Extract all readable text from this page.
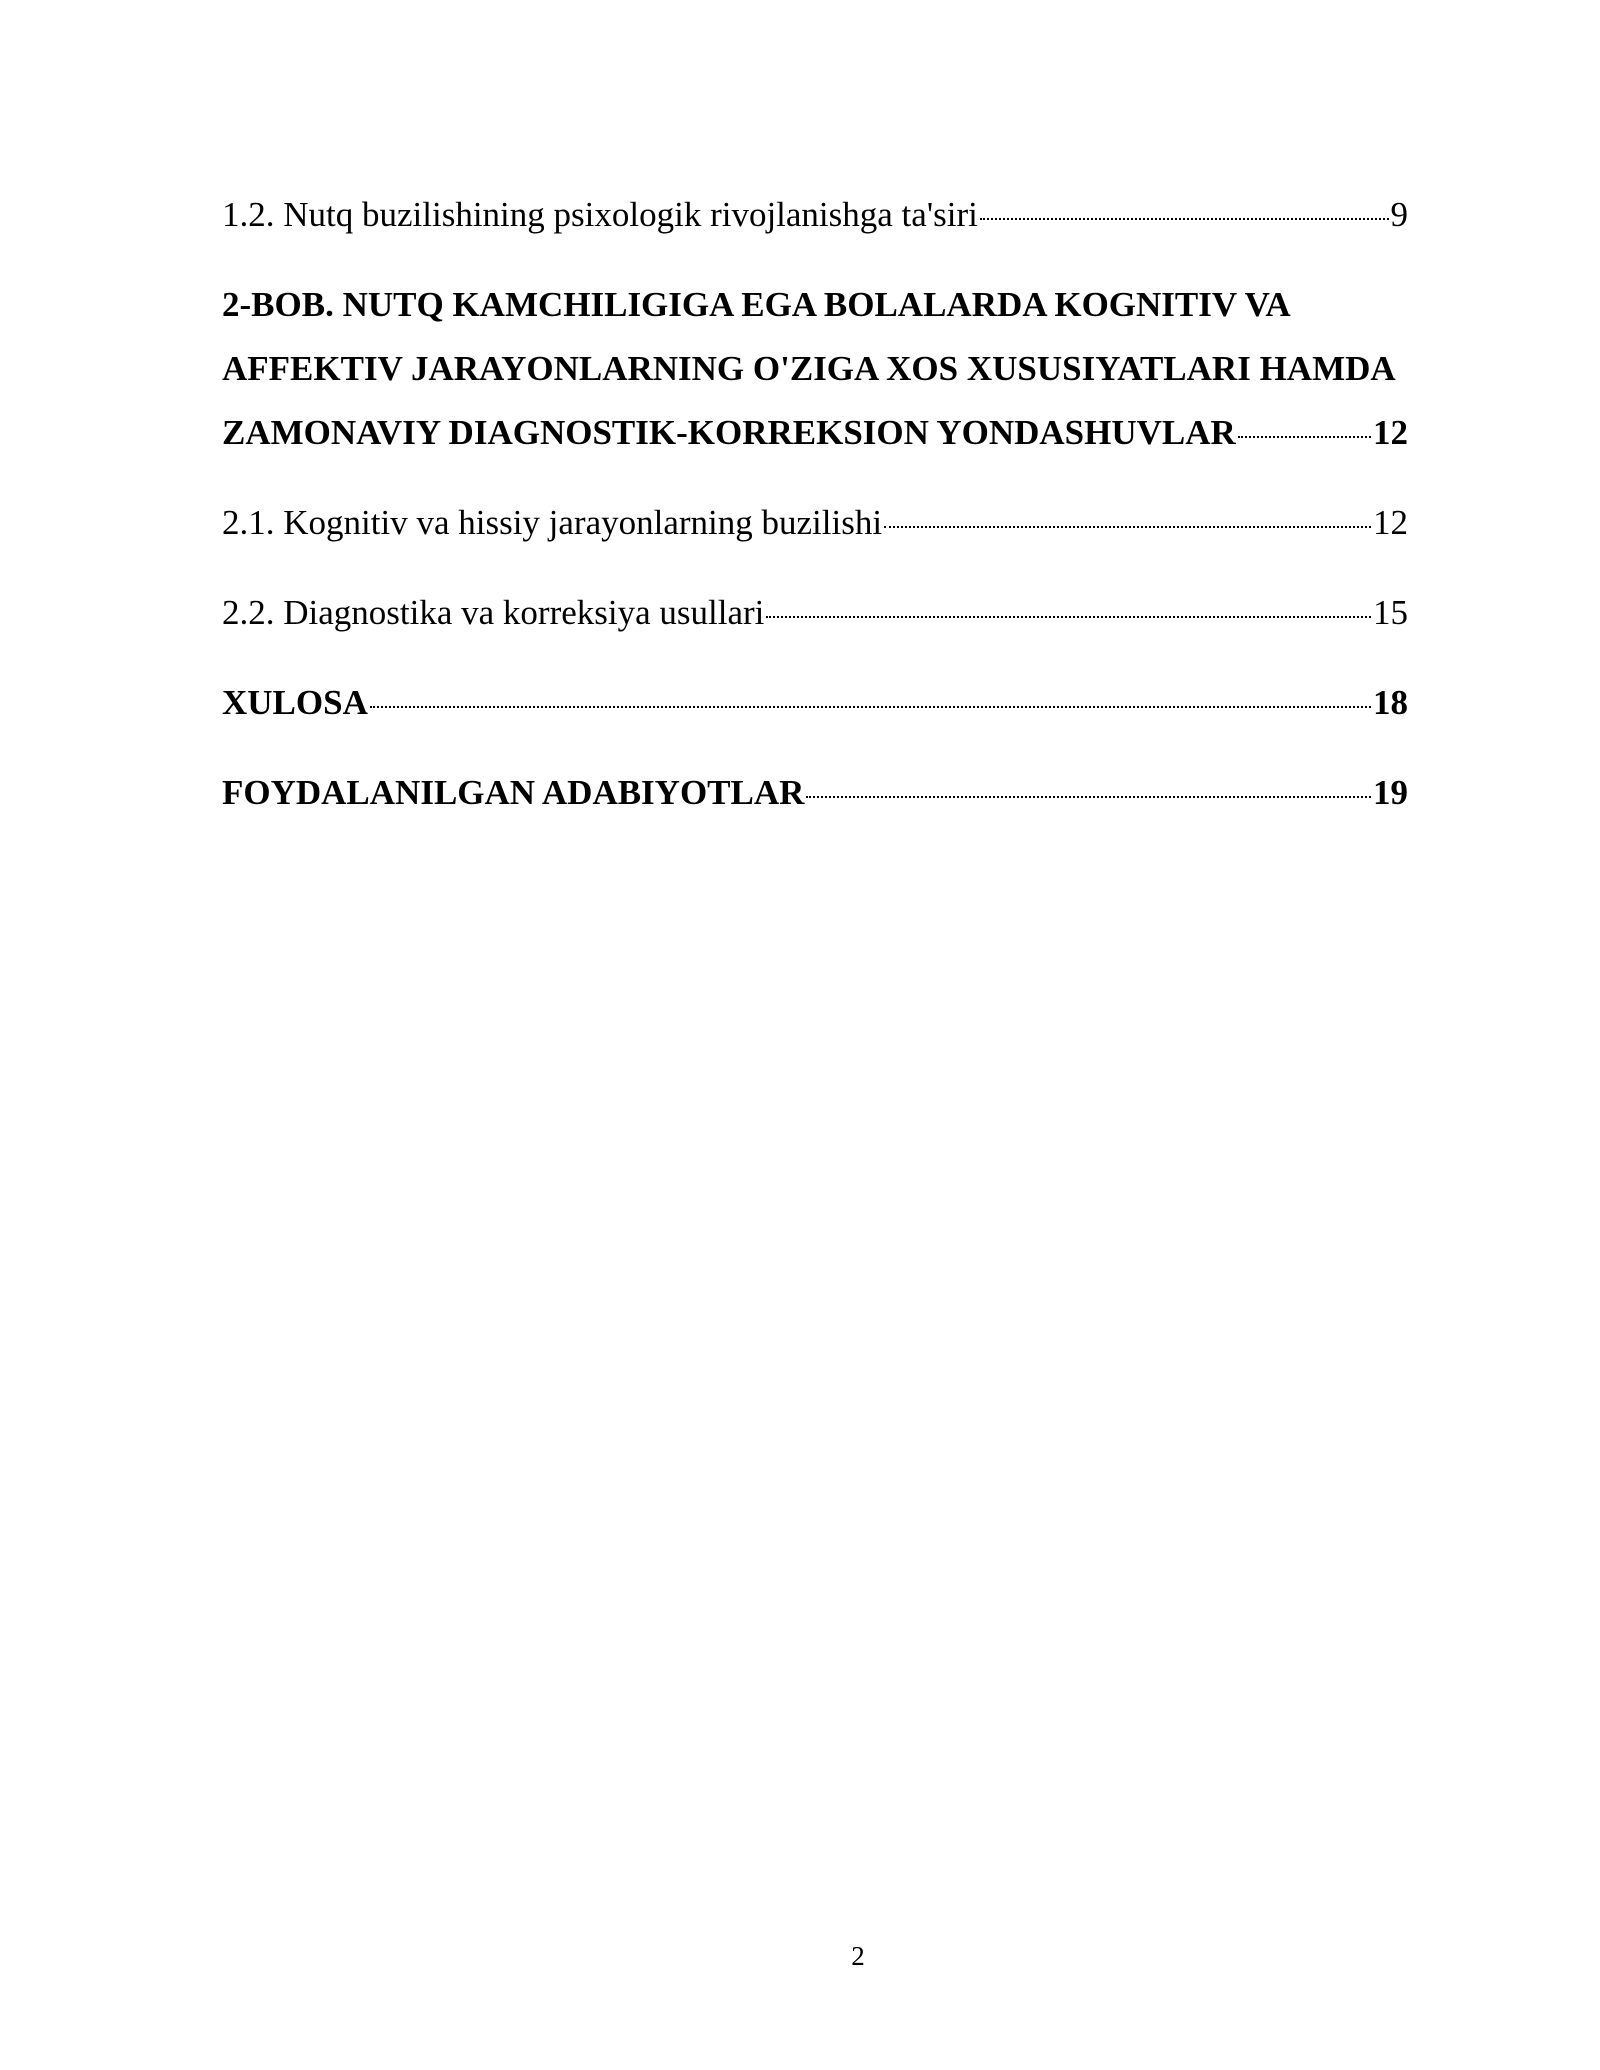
1.2. Nutq buzilishining psixologik rivojlanishga ta'siri	9
2-BOB. NUTQ KAMCHILIGIGA EGA BOLALARDA KOGNITIV VA
AFFEKTIV JARAYONLARNING O'ZIGA XOS XUSUSIYATLARI HAMDA
ZAMONAVIY DIAGNOSTIK-KORREKSION YONDASHUVLAR	12
2.1. Kognitiv va hissiy jarayonlarning buzilishi	12
2.2. Diagnostika va korreksiya usullari	15
XULOSA	18
FOYDALANILGAN ADABIYOTLAR	19
2
